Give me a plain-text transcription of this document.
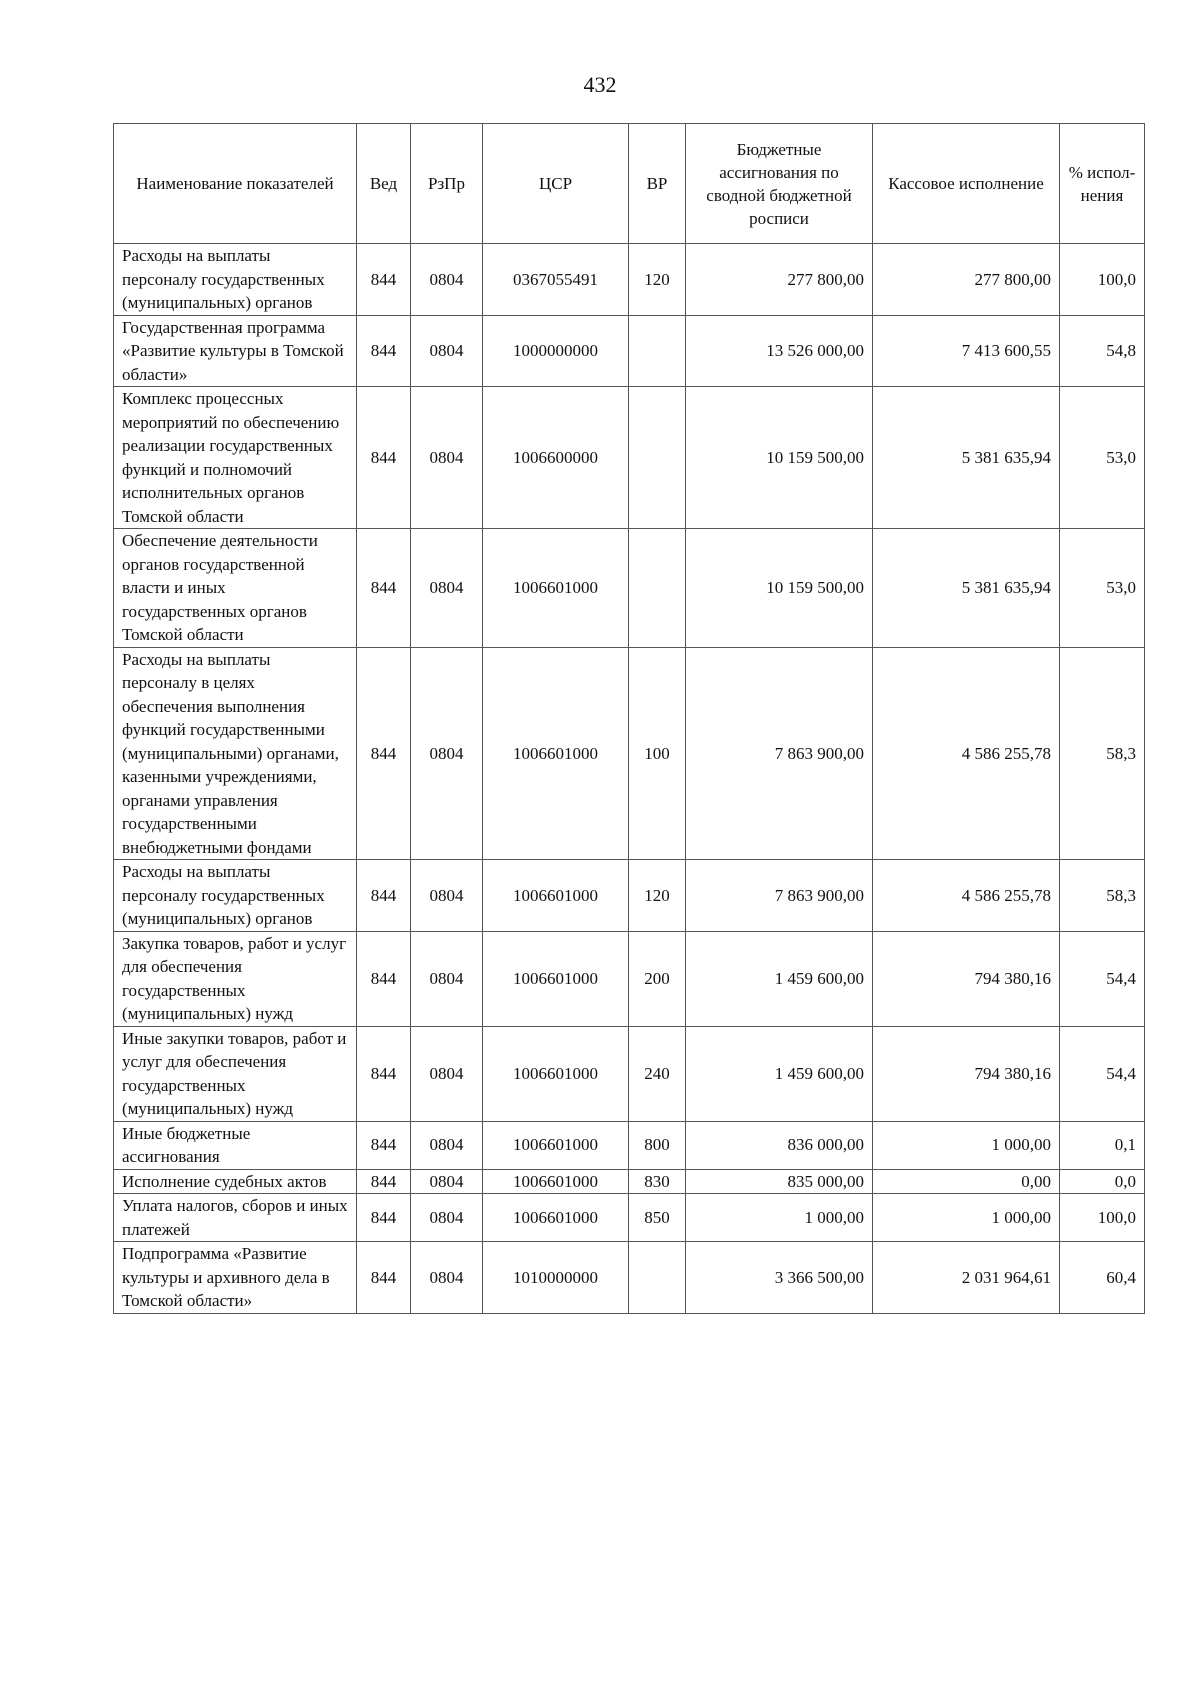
432
Наименование показателей	Вед	РзПр	ЦСР	ВР	Бюджетные ассигнования по сводной бюджетной росписи	Кассовое исполнение	% испол-нения
Расходы на выплаты персоналу государственных (муниципальных) органов	844	0804	0367055491	120	277 800,00	277 800,00	100,0
Государственная программа «Развитие культуры в Томской области»	844	0804	1000000000		13 526 000,00	7 413 600,55	54,8
Комплекс процессных мероприятий по обеспечению реализации государственных функций и полномочий исполнительных органов Томской области	844	0804	1006600000		10 159 500,00	5 381 635,94	53,0
Обеспечение деятельности органов государственной власти и иных государственных органов Томской области	844	0804	1006601000		10 159 500,00	5 381 635,94	53,0
Расходы на выплаты персоналу в целях обеспечения выполнения функций государственными (муниципальными) органами, казенными учреждениями, органами управления государственными внебюджетными фондами	844	0804	1006601000	100	7 863 900,00	4 586 255,78	58,3
Расходы на выплаты персоналу государственных (муниципальных) органов	844	0804	1006601000	120	7 863 900,00	4 586 255,78	58,3
Закупка товаров, работ и услуг для обеспечения государственных (муниципальных) нужд	844	0804	1006601000	200	1 459 600,00	794 380,16	54,4
Иные закупки товаров, работ и услуг для обеспечения государственных (муниципальных) нужд	844	0804	1006601000	240	1 459 600,00	794 380,16	54,4
Иные бюджетные ассигнования	844	0804	1006601000	800	836 000,00	1 000,00	0,1
Исполнение судебных актов	844	0804	1006601000	830	835 000,00	0,00	0,0
Уплата налогов, сборов и иных платежей	844	0804	1006601000	850	1 000,00	1 000,00	100,0
Подпрограмма «Развитие культуры и архивного дела в Томской области»	844	0804	1010000000		3 366 500,00	2 031 964,61	60,4
